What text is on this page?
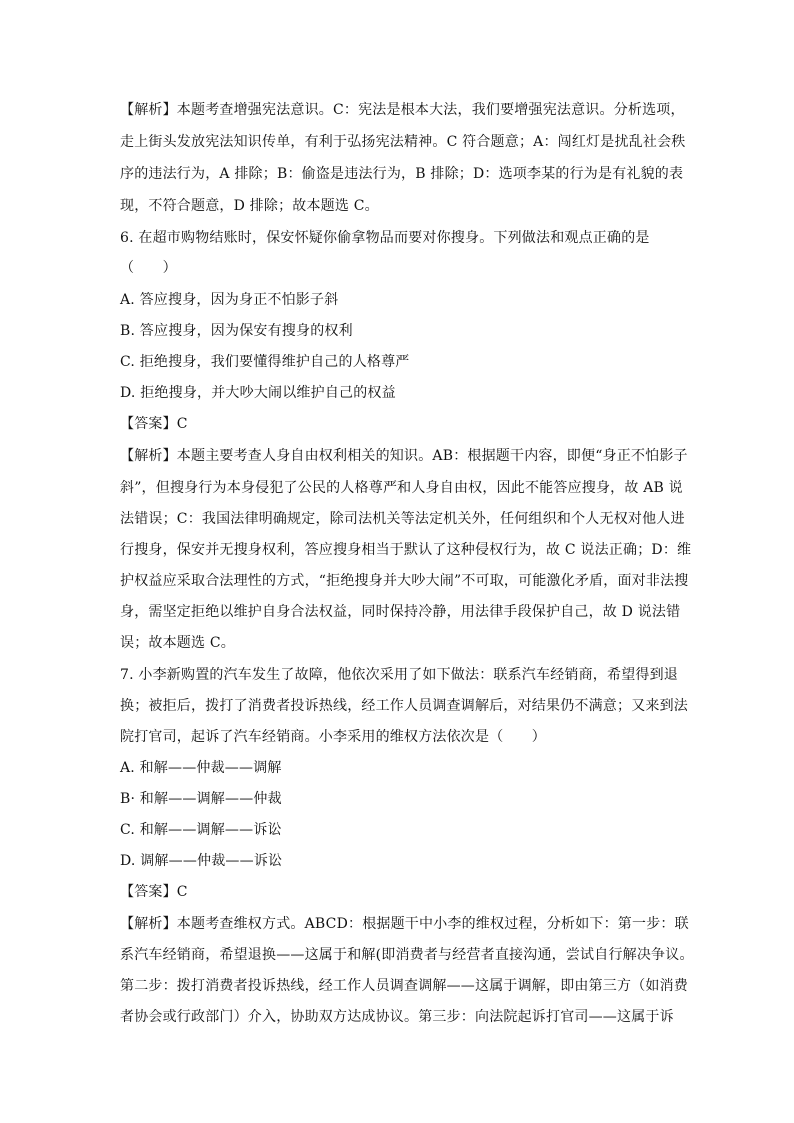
【解析】本题考查增强宪法意识。C：宪法是根本大法，我们要增强宪法意识。分析选项，
走上街头发放宪法知识传单，有利于弘扬宪法精神。C 符合题意；A：闯红灯是扰乱社会秩
序的违法行为，A 排除；B：偷盗是违法行为，B 排除；D：选项李某的行为是有礼貌的表
现，不符合题意，D 排除；故本题选 C。
6. 在超市购物结账时，保安怀疑你偷拿物品而要对你搜身。下列做法和观点正确的是
（　　）
A. 答应搜身，因为身正不怕影子斜
B. 答应搜身，因为保安有搜身的权利
C. 拒绝搜身，我们要懂得维护自己的人格尊严
D. 拒绝搜身，并大吵大闹以维护自己的权益
【答案】C
【解析】本题主要考查人身自由权利相关的知识。AB：根据题干内容，即便“身正不怕影子
斜”，但搜身行为本身侵犯了公民的人格尊严和人身自由权，因此不能答应搜身，故 AB 说
法错误；C：我国法律明确规定，除司法机关等法定机关外，任何组织和个人无权对他人进
行搜身，保安并无搜身权利，答应搜身相当于默认了这种侵权行为，故 C 说法正确；D：维
护权益应采取合法理性的方式，“拒绝搜身并大吵大闹”不可取，可能激化矛盾，面对非法搜
身，需坚定拒绝以维护自身合法权益，同时保持冷静，用法律手段保护自己，故 D 说法错
误；故本题选 C。
7. 小李新购置的汽车发生了故障，他依次采用了如下做法：联系汽车经销商，希望得到退
换；被拒后，拨打了消费者投诉热线，经工作人员调查调解后，对结果仍不满意；又来到法
院打官司，起诉了汽车经销商。小李采用的维权方法依次是（　　）
A. 和解——仲裁——调解
B· 和解——调解——仲裁
C. 和解——调解——诉讼
D. 调解——仲裁——诉讼
【答案】C
【解析】本题考查维权方式。ABCD：根据题干中小李的维权过程，分析如下：第一步：联
系汽车经销商，希望退换——这属于和解(即消费者与经营者直接沟通，尝试自行解决争议。
第二步：拨打消费者投诉热线，经工作人员调查调解——这属于调解，即由第三方（如消费
者协会或行政部门）介入，协助双方达成协议。第三步：向法院起诉打官司——这属于诉
